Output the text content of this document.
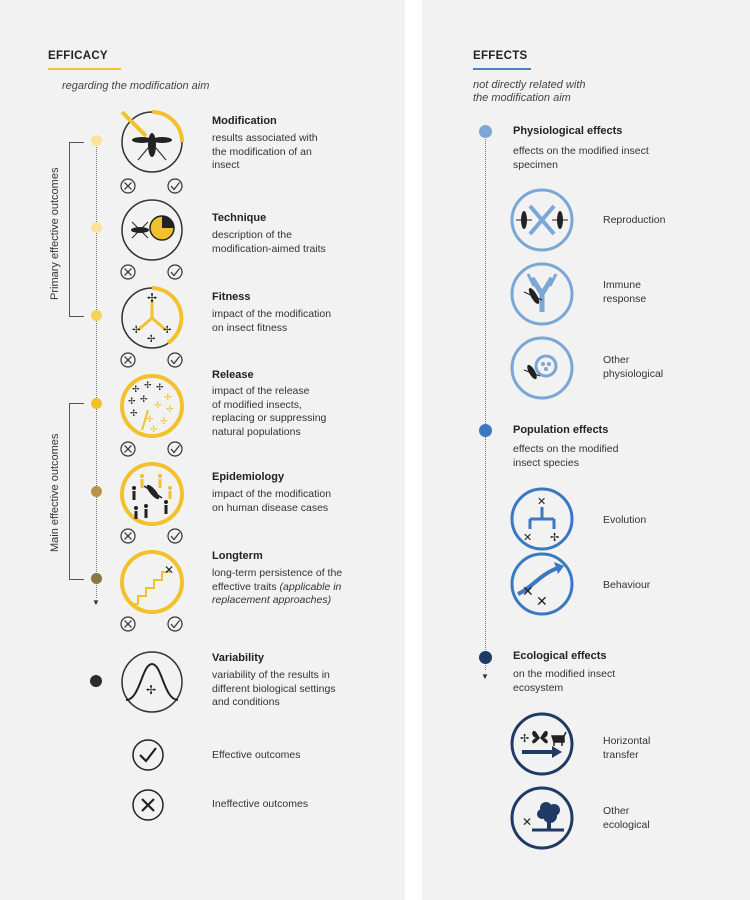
EFFICACY
regarding the modification aim
▼
Primary effective outcomes
Main effective outcomes
✢
✢ ✢
✢
✢ ✢ ✢
✢ ✢
✢
✢
✢ ✢
✢ ✢
✢
✕
✢
Modification
results associated with
the modification of an
insect
Technique
description of the
modification-aimed traits
Fitness
impact of the modification
on insect fitness
Release
impact of the release
of modified insects,
replacing or suppressing
natural populations
Epidemiology
impact of the modification
on human disease cases
Longterm
long-term persistence of the
effective traits (applicable in
replacement approaches)
Variability
variability of the results in
different biological settings
and conditions
Effective outcomes
Ineffective outcomes
EFFECTS
not directly related with
the modification aim
▼
Physiological effects
effects on the modified insect
specimen
Population effects
effects on the modified
insect species
Ecological effects
on the modified insect
ecosystem
Reproduction
Immune
response
Other
physiological
✕
✕ ✢
Evolution
✕
✕
Behaviour
✢	Horizontal
transfer
✕
Other
ecological
